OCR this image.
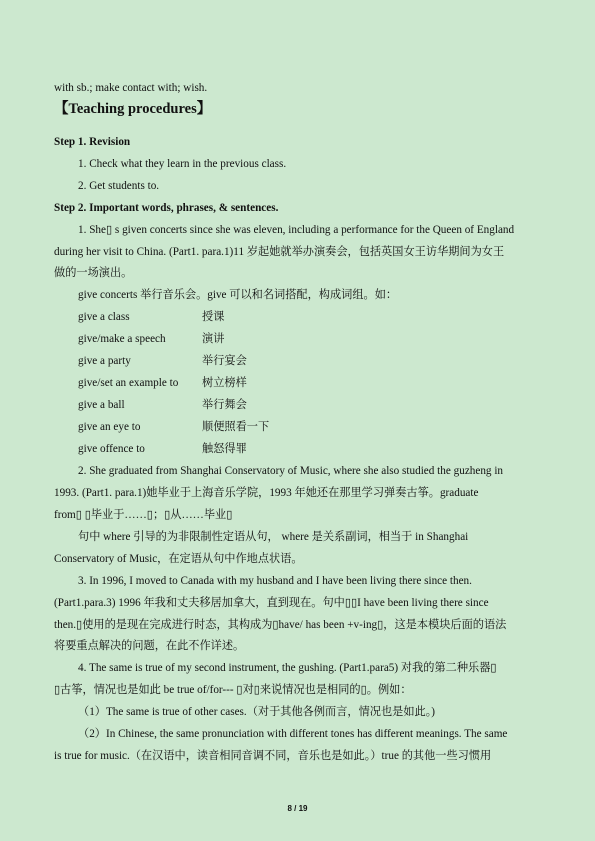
with sb.; make contact with; wish.
【Teaching procedures】
Step 1. Revision
1. Check what they learn in the previous class.
2. Get students to.
Step 2. Important words, phrases, & sentences.
1. She▯ s given concerts since she was eleven, including a performance for the Queen of England
during her visit to China. (Part1. para.1)11 岁起她就举办演奏会，包括英国女王访华期间为女王
做的一场演出。
give concerts 举行音乐会。give 可以和名词搭配，构成词组。如：
give a class	授课
give/make a speech	演讲
give a party	举行宴会
give/set an example to 树立榜样
give a ball	举行舞会
give an eye to	顺便照看一下
give offence to	触怒得罪
2. She graduated from Shanghai Conservatory of Music, where she also studied the guzheng in
1993. (Part1. para.1)她毕业于上海音乐学院，1993 年她还在那里学习弹奏古筝。graduate
from▯ ▯毕业于……▯；▯从……毕业▯
句中 where 引导的为非限制性定语从句， where 是关系副词，相当于 in Shanghai
Conservatory of Music，在定语从句中作地点状语。
3. In 1996, I moved to Canada with my husband and I have been living there since then.
(Part1.para.3) 1996 年我和丈夫移居加拿大，直到现在。句中▯▯I have been living there since
then.▯使用的是现在完成进行时态，其构成为▯have/ has been +v-ing▯，这是本模块后面的语法
将要重点解决的问题，在此不作详述。
4. The same is true of my second instrument, the gushing. (Part1.para5) 对我的第二种乐器▯
▯古筝，情况也是如此 be true of/for--- ▯对▯来说情况也是相同的▯。例如：
（1）The same is true of other cases.（对于其他各例而言，情况也是如此。)
（2）In Chinese, the same pronunciation with different tones has different meanings. The same
is true for music.（在汉语中，读音相同音调不同，音乐也是如此。）true 的其他一些习惯用
8 / 19
